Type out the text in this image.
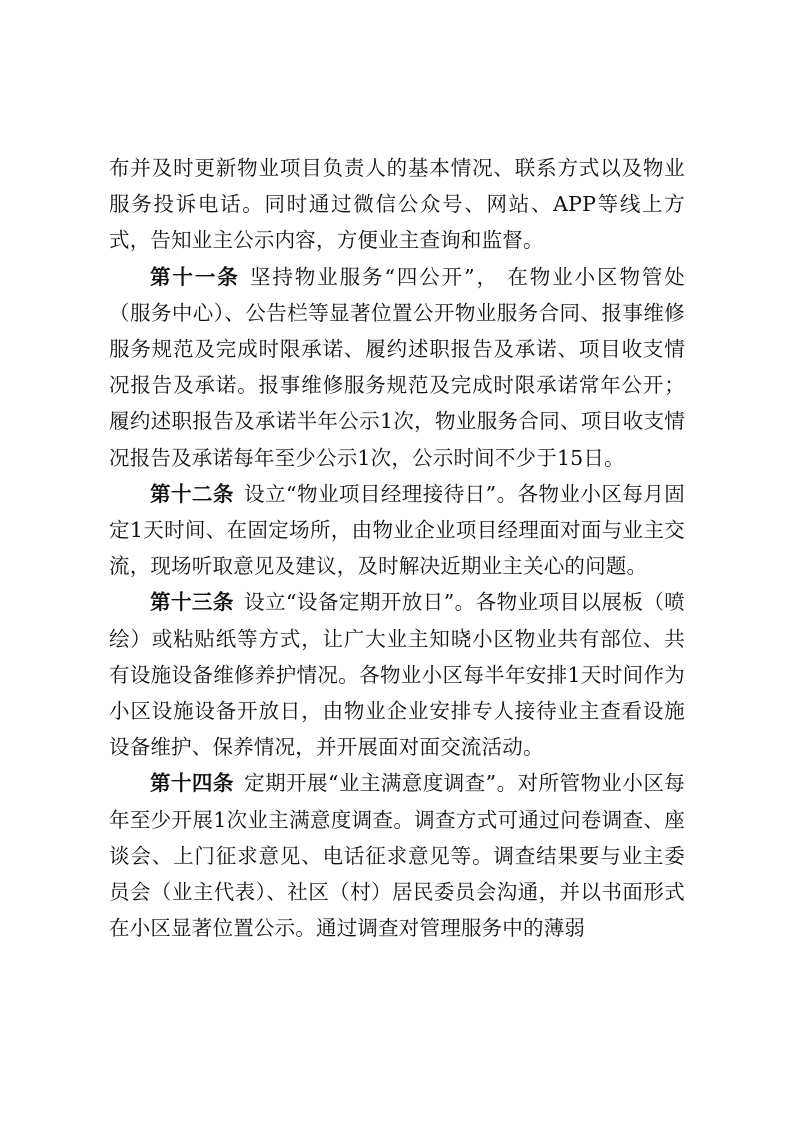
布并及时更新物业项目负责人的基本情况、联系方式以及物业服务投诉电话。同时通过微信公众号、网站、APP等线上方式，告知业主公示内容，方便业主查询和监督。

第十一条 坚持物业服务“四公开”， 在物业小区物管处（服务中心）、公告栏等显著位置公开物业服务合同、报事维修服务规范及完成时限承诺、履约述职报告及承诺、项目收支情况报告及承诺。报事维修服务规范及完成时限承诺常年公开；履约述职报告及承诺半年公示1次，物业服务合同、项目收支情况报告及承诺每年至少公示1次，公示时间不少于15日。

第十二条 设立“物业项目经理接待日”。各物业小区每月固定1天时间、在固定场所，由物业企业项目经理面对面与业主交流，现场听取意见及建议，及时解决近期业主关心的问题。

第十三条 设立“设备定期开放日”。各物业项目以展板（喷绘）或粘贴纸等方式，让广大业主知晓小区物业共有部位、共有设施设备维修养护情况。各物业小区每半年安排1天时间作为小区设施设备开放日，由物业企业安排专人接待业主查看设施设备维护、保养情况，并开展面对面交流活动。

第十四条 定期开展“业主满意度调查”。对所管物业小区每年至少开展1次业主满意度调查。调查方式可通过问卷调查、座谈会、上门征求意见、电话征求意见等。调查结果要与业主委员会（业主代表）、社区（村）居民委员会沟通，并以书面形式在小区显著位置公示。通过调查对管理服务中的薄弱
